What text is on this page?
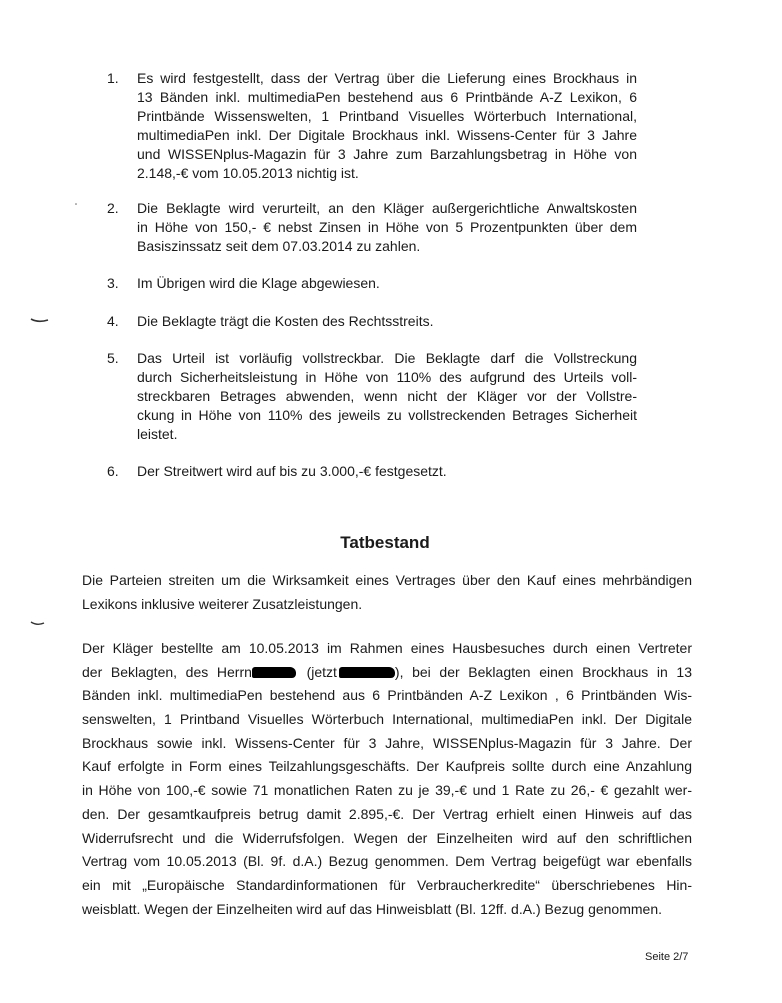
1.	Es wird festgestellt, dass der Vertrag über die Lieferung eines Brockhaus in
13 Bänden inkl. multimediaPen bestehend aus 6 Printbände A-Z Lexikon, 6
Printbände Wissenswelten, 1 Printband Visuelles Wörterbuch International,
multimediaPen inkl. Der Digitale Brockhaus inkl. Wissens-Center für 3 Jahre
und WISSENplus-Magazin für 3 Jahre zum Barzahlungsbetrag in Höhe von
2.148,-€ vom 10.05.2013 nichtig ist.
2.	Die Beklagte wird verurteilt, an den Kläger außergerichtliche Anwaltskosten
in Höhe von 150,- € nebst Zinsen in Höhe von 5 Prozentpunkten über dem
Basiszinssatz seit dem 07.03.2014 zu zahlen.
3.	Im Übrigen wird die Klage abgewiesen.
4.	Die Beklagte trägt die Kosten des Rechtsstreits.
5.	Das Urteil ist vorläufig vollstreckbar. Die Beklagte darf die Vollstreckung
durch Sicherheitsleistung in Höhe von 110% des aufgrund des Urteils voll-
streckbaren Betrages abwenden, wenn nicht der Kläger vor der Vollstre-
ckung in Höhe von 110% des jeweils zu vollstreckenden Betrages Sicherheit
leistet.
6.	Der Streitwert wird auf bis zu 3.000,-€ festgesetzt.
Tatbestand
Die Parteien streiten um die Wirksamkeit eines Vertrages über den Kauf eines mehrbändigen
Lexikons inklusive weiterer Zusatzleistungen.
Der Kläger bestellte am 10.05.2013 im Rahmen eines Hausbesuches durch einen Vertreter
der Beklagten, des Herrn	(jetzt	), bei der Beklagten einen Brockhaus in 13
Bänden inkl. multimediaPen bestehend aus 6 Printbänden A-Z Lexikon , 6 Printbänden Wis-
senswelten, 1 Printband Visuelles Wörterbuch International, multimediaPen inkl. Der Digitale
Brockhaus sowie inkl. Wissens-Center für 3 Jahre, WISSENplus-Magazin für 3 Jahre. Der
Kauf erfolgte in Form eines Teilzahlungsgeschäfts. Der Kaufpreis sollte durch eine Anzahlung
in Höhe von 100,-€ sowie 71 monatlichen Raten zu je 39,-€ und 1 Rate zu 26,- € gezahlt wer-
den. Der gesamtkaufpreis betrug damit 2.895,-€. Der Vertrag erhielt einen Hinweis auf das
Widerrufsrecht und die Widerrufsfolgen. Wegen der Einzelheiten wird auf den schriftlichen
Vertrag vom 10.05.2013 (Bl. 9f. d.A.) Bezug genommen. Dem Vertrag beigefügt war ebenfalls
ein mit „Europäische Standardinformationen für Verbraucherkredite“ überschriebenes Hin-
weisblatt. Wegen der Einzelheiten wird auf das Hinweisblatt (Bl. 12ff. d.A.) Bezug genommen.
Seite 2/7
